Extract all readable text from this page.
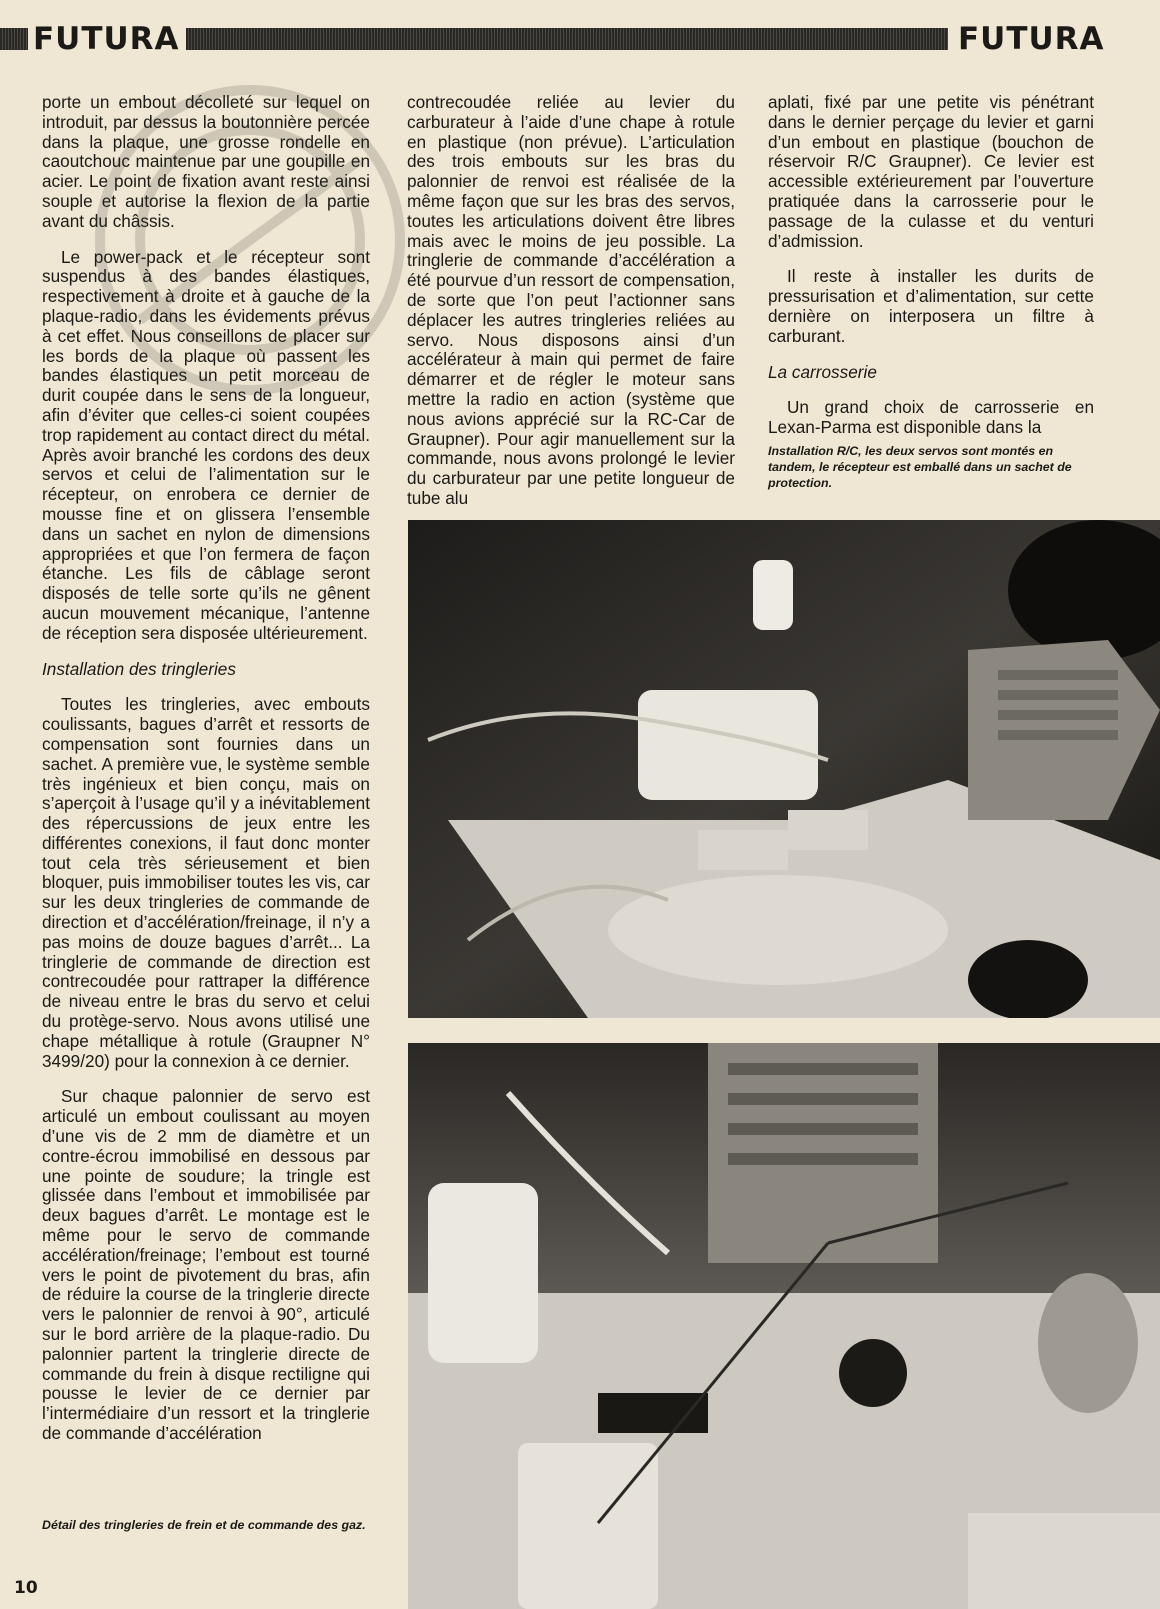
FUTURA	FUTURA

porte un embout décolleté sur lequel on introduit, par dessus la boutonnière percée dans la plaque, une grosse rondelle en caoutchouc maintenue par une goupille en acier. Le point de fixation avant reste ainsi souple et autorise la flexion de la partie avant du châssis.

Le power-pack et le récepteur sont suspendus à des bandes élastiques, respectivement à droite et à gauche de la plaque-radio, dans les évidements prévus à cet effet. Nous conseillons de placer sur les bords de la plaque où passent les bandes élastiques un petit morceau de durit coupée dans le sens de la longueur, afin d’éviter que celles-ci soient coupées trop rapidement au contact direct du métal. Après avoir branché les cordons des deux servos et celui de l’alimentation sur le récepteur, on enrobera ce dernier de mousse fine et on glissera l’ensemble dans un sachet en nylon de dimensions appropriées et que l’on fermera de façon étanche. Les fils de câblage seront disposés de telle sorte qu’ils ne gênent aucun mouvement mécanique, l’antenne de réception sera disposée ultérieurement.

Installation des tringleries

Toutes les tringleries, avec embouts coulissants, bagues d’arrêt et ressorts de compensation sont fournies dans un sachet. A première vue, le système semble très ingénieux et bien conçu, mais on s’aperçoit à l’usage qu’il y a inévitablement des répercussions de jeux entre les différentes conexions, il faut donc monter tout cela très sérieusement et bien bloquer, puis immobiliser toutes les vis, car sur les deux tringleries de commande de direction et d’accélération/freinage, il n’y a pas moins de douze bagues d’arrêt... La tringlerie de commande de direction est contrecoudée pour rattraper la différence de niveau entre le bras du servo et celui du protège-servo. Nous avons utilisé une chape métallique à rotule (Graupner N° 3499/20) pour la connexion à ce dernier.

Sur chaque palonnier de servo est articulé un embout coulissant au moyen d’une vis de 2 mm de diamètre et un contre-écrou immobilisé en dessous par une pointe de soudure; la tringle est glissée dans l’embout et immobilisée par deux bagues d’arrêt. Le montage est le même pour le servo de commande accélération/freinage; l’embout est tourné vers le point de pivotement du bras, afin de réduire la course de la tringlerie directe vers le palonnier de renvoi à 90°, articulé sur le bord arrière de la plaque-radio. Du palonnier partent la tringlerie directe de commande du frein à disque rectiligne qui pousse le levier de ce dernier par l’intermédiaire d’un ressort et la tringlerie de commande d’accélération

Détail des tringleries de frein et de commande des gaz.

contrecoudée reliée au levier du carburateur à l’aide d’une chape à rotule en plastique (non prévue). L’articulation des trois embouts sur les bras du palonnier de renvoi est réalisée de la même façon que sur les bras des servos, toutes les articulations doivent être libres mais avec le moins de jeu possible. La tringlerie de commande d’accélération a été pourvue d’un ressort de compensation, de sorte que l’on peut l’actionner sans déplacer les autres tringleries reliées au servo. Nous disposons ainsi d’un accélérateur à main qui permet de faire démarrer et de régler le moteur sans mettre la radio en action (système que nous avions apprécié sur la RC-Car de Graupner). Pour agir manuellement sur la commande, nous avons prolongé le levier du carburateur par une petite longueur de tube alu

aplati, fixé par une petite vis pénétrant dans le dernier perçage du levier et garni d’un embout en plastique (bouchon de réservoir R/C Graupner). Ce levier est accessible extérieurement par l’ouverture pratiquée dans la carrosserie pour le passage de la culasse et du venturi d’admission.

Il reste à installer les durits de pressurisation et d’alimentation, sur cette dernière on interposera un filtre à carburant.

La carrosserie

Un grand choix de carrosserie en Lexan-Parma est disponible dans la

Installation R/C, les deux servos sont montés en tandem, le récepteur est emballé dans un sachet de protection.
10
